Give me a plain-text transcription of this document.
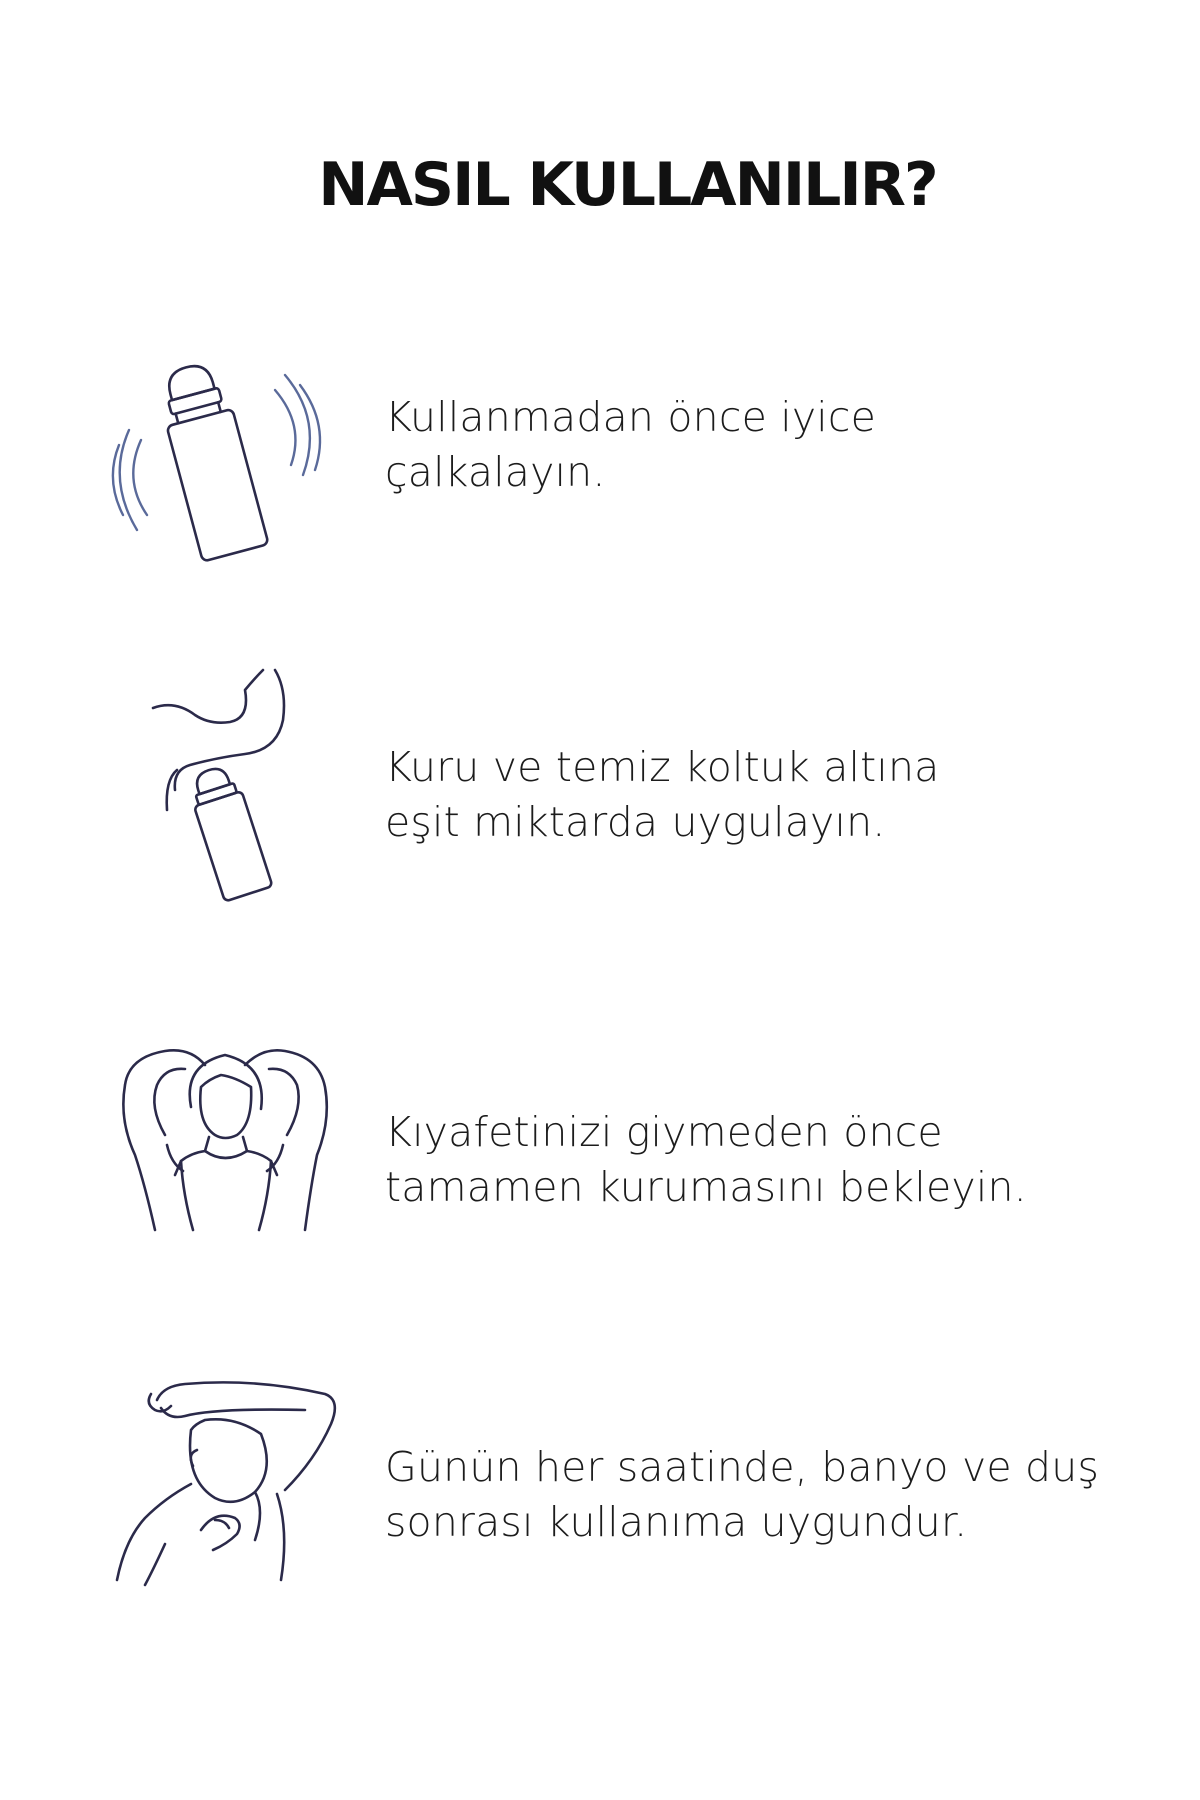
NASIL KULLANILIR?
Kullanmadan önce iyice
çalkalayın.
Kuru ve temiz koltuk altına
eşit miktarda uygulayın.
Kıyafetinizi giymeden önce
tamamen kurumasını bekleyin.
Günün her saatinde, banyo ve duş
sonrası kullanıma uygundur.
